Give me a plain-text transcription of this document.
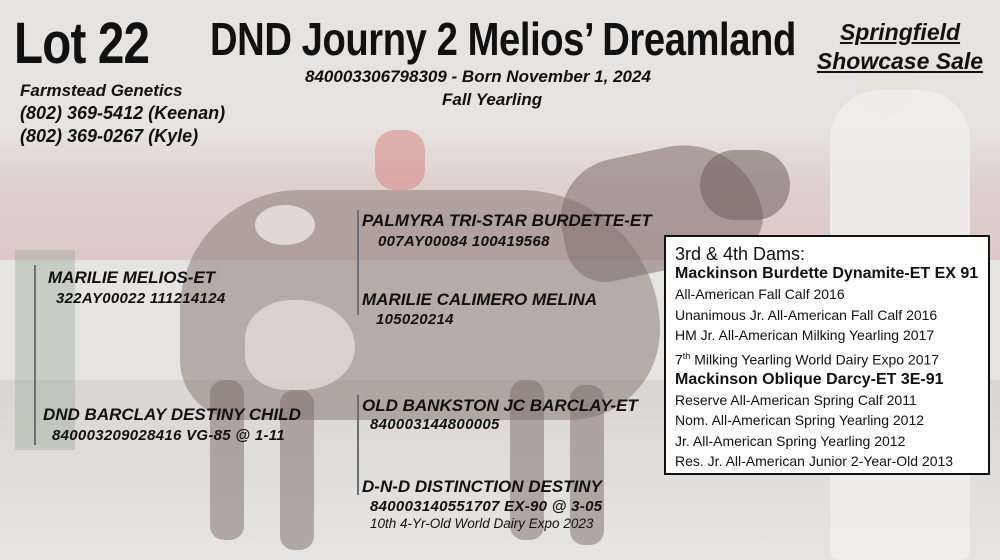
Lot 22 DND Journy 2 Melios’ Dreamland	Springfield
Showcase Sale
840003306798309 - Born November 1, 2024
Fall Yearling
Farmstead Genetics
(802) 369-5412 (Keenan)
(802) 369-0267 (Kyle)
MARILIE MELIOS-ET
322AY00022 111214124
DND BARCLAY DESTINY CHILD
840003209028416 VG-85 @ 1-11
PALMYRA TRI-STAR BURDETTE-ET
007AY00084 100419568
MARILIE CALIMERO MELINA
105020214
OLD BANKSTON JC BARCLAY-ET
840003144800005
D-N-D DISTINCTION DESTINY
840003140551707 EX-90 @ 3-05
10th 4-Yr-Old World Dairy Expo 2023
3rd & 4th Dams:
Mackinson Burdette Dynamite-ET EX 91
All-American Fall Calf 2016
Unanimous Jr. All-American Fall Calf 2016
HM Jr. All-American Milking Yearling 2017
7th Milking Yearling World Dairy Expo 2017
Mackinson Oblique Darcy-ET 3E-91
Reserve All-American Spring Calf 2011
Nom. All-American Spring Yearling 2012
Jr. All-American Spring Yearling 2012
Res. Jr. All-American Junior 2-Year-Old 2013
